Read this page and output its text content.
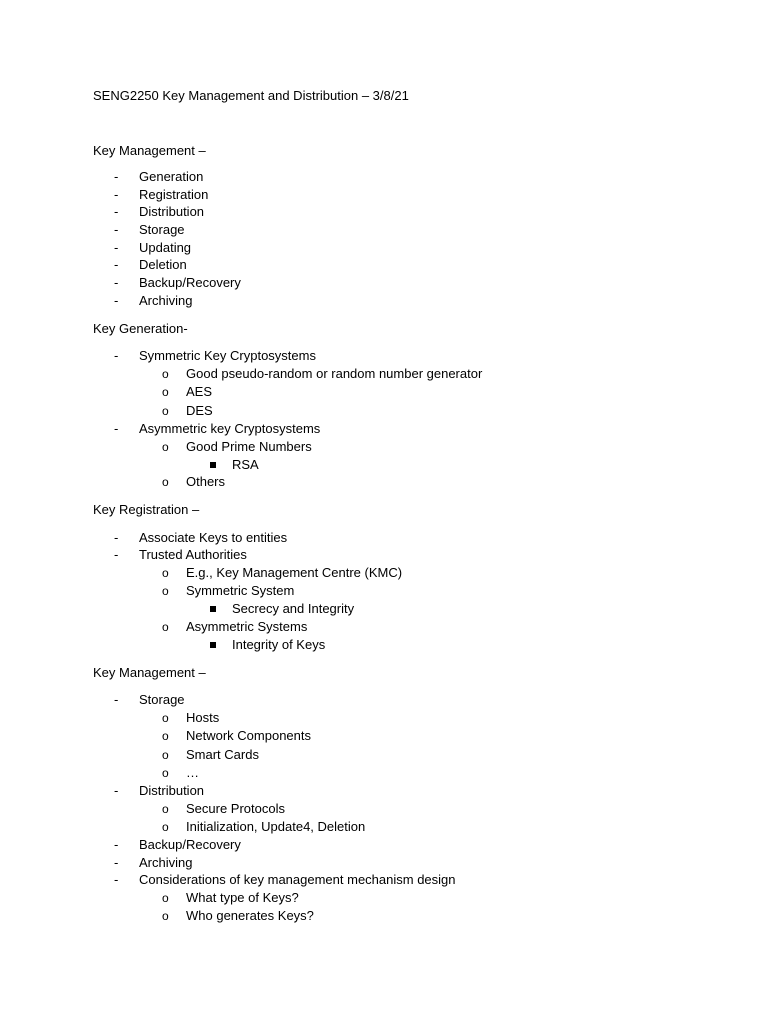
SENG2250 Key Management and Distribution – 3/8/21
Key Management –
-	Generation
-	Registration
-	Distribution
-	Storage
-	Updating
-	Deletion
-	Backup/Recovery
-	Archiving
Key Generation-
-	Symmetric Key Cryptosystems
o Good pseudo-random or random number generator
o AES
o DES
-	Asymmetric key Cryptosystems
o Good Prime Numbers
RSA
o Others
Key Registration –
-	Associate Keys to entities
-	Trusted Authorities
o E.g., Key Management Centre (KMC)
o Symmetric System
Secrecy and Integrity
o Asymmetric Systems
Integrity of Keys
Key Management –
-	Storage
o Hosts
o Network Components
o Smart Cards
o …
-	Distribution
o Secure Protocols
o Initialization, Update4, Deletion
-	Backup/Recovery
-	Archiving
-	Considerations of key management mechanism design
o What type of Keys?
o Who generates Keys?
